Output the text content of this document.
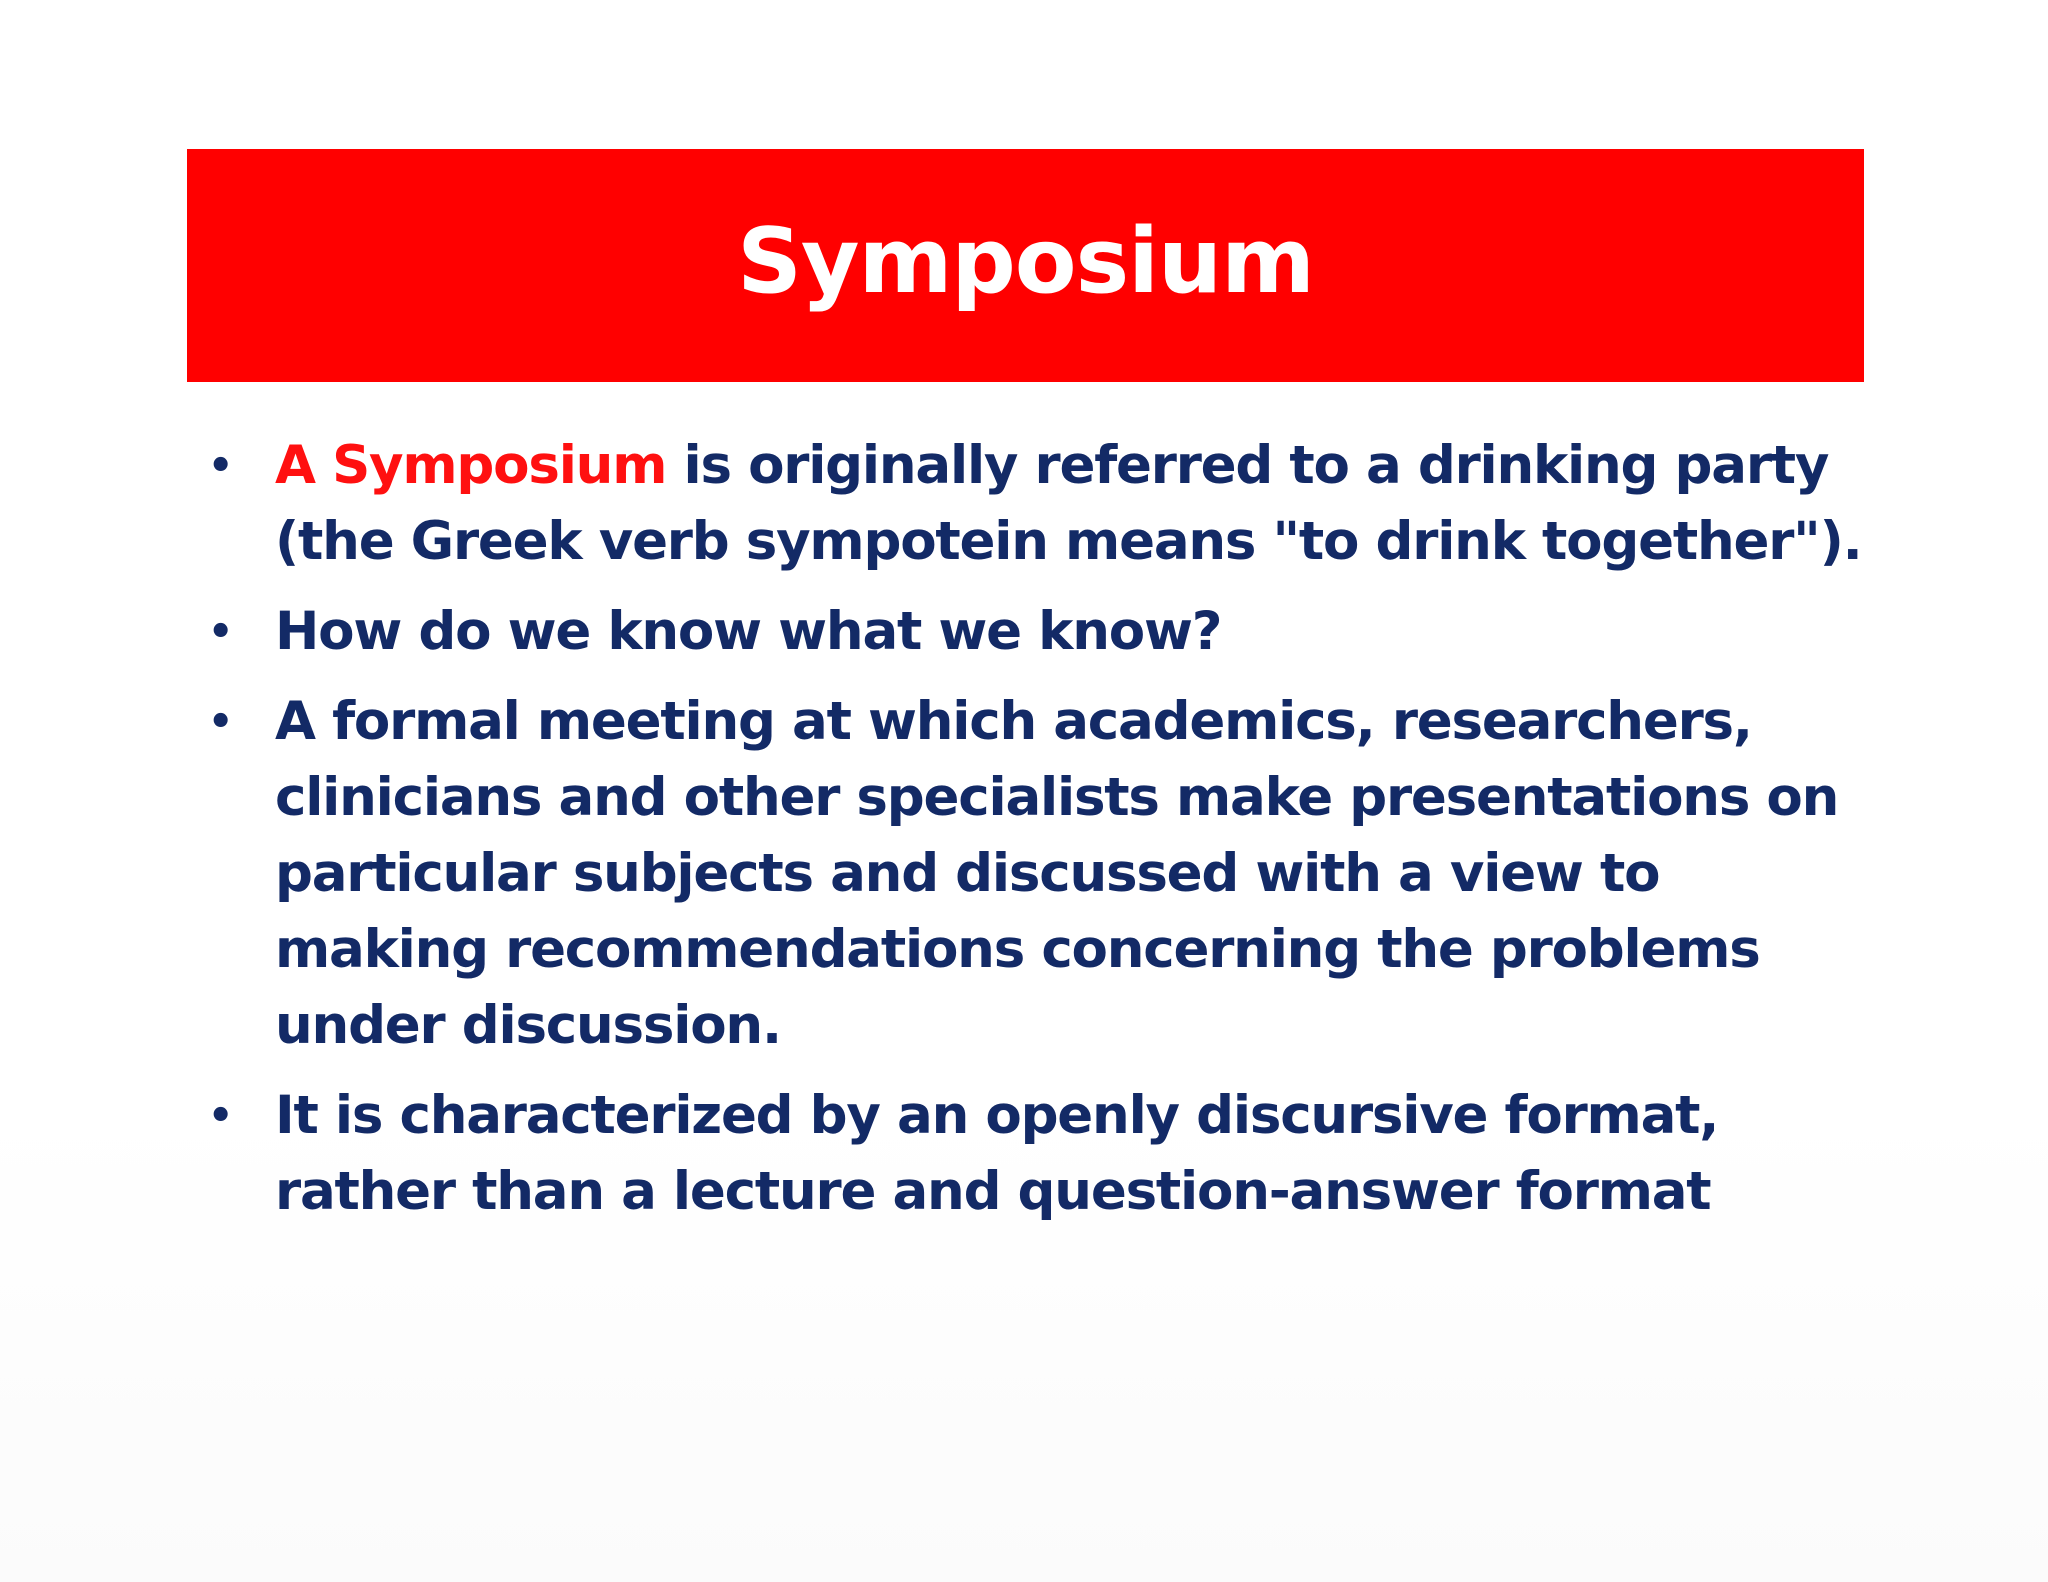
Symposium
• A Symposium is originally referred to a drinking party (the Greek verb sympotein means "to drink together").
• How do we know what we know?
• A formal meeting at which academics, researchers, clinicians and other specialists make presentations on particular subjects and discussed with a view to making recommendations concerning the problems under discussion.
• It is characterized by an openly discursive format, rather than a lecture and question-answer format
